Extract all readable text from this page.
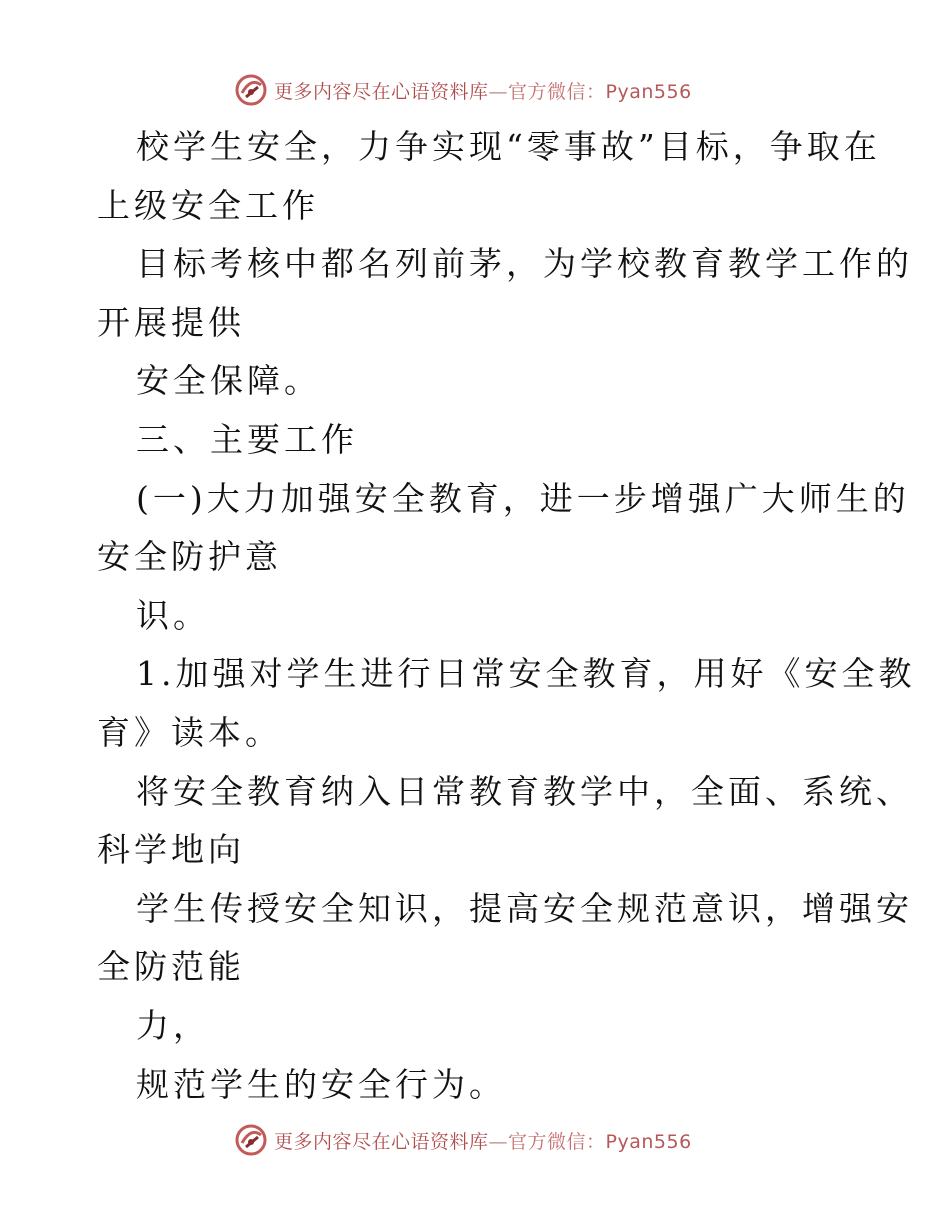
更多内容尽在心语资料库—官方微信：Pyan556
校学生安全，力争实现“零事故”目标，争取在
上级安全工作
目标考核中都名列前茅，为学校教育教学工作的
开展提供
安全保障。
三、主要工作
(一)大力加强安全教育，进一步增强广大师生的
安全防护意
识。
1.加强对学生进行日常安全教育，用好《安全教
育》读本。
将安全教育纳入日常教育教学中，全面、系统、
科学地向
学生传授安全知识，提高安全规范意识，增强安
全防范能
力，
规范学生的安全行为。
更多内容尽在心语资料库—官方微信：Pyan556
